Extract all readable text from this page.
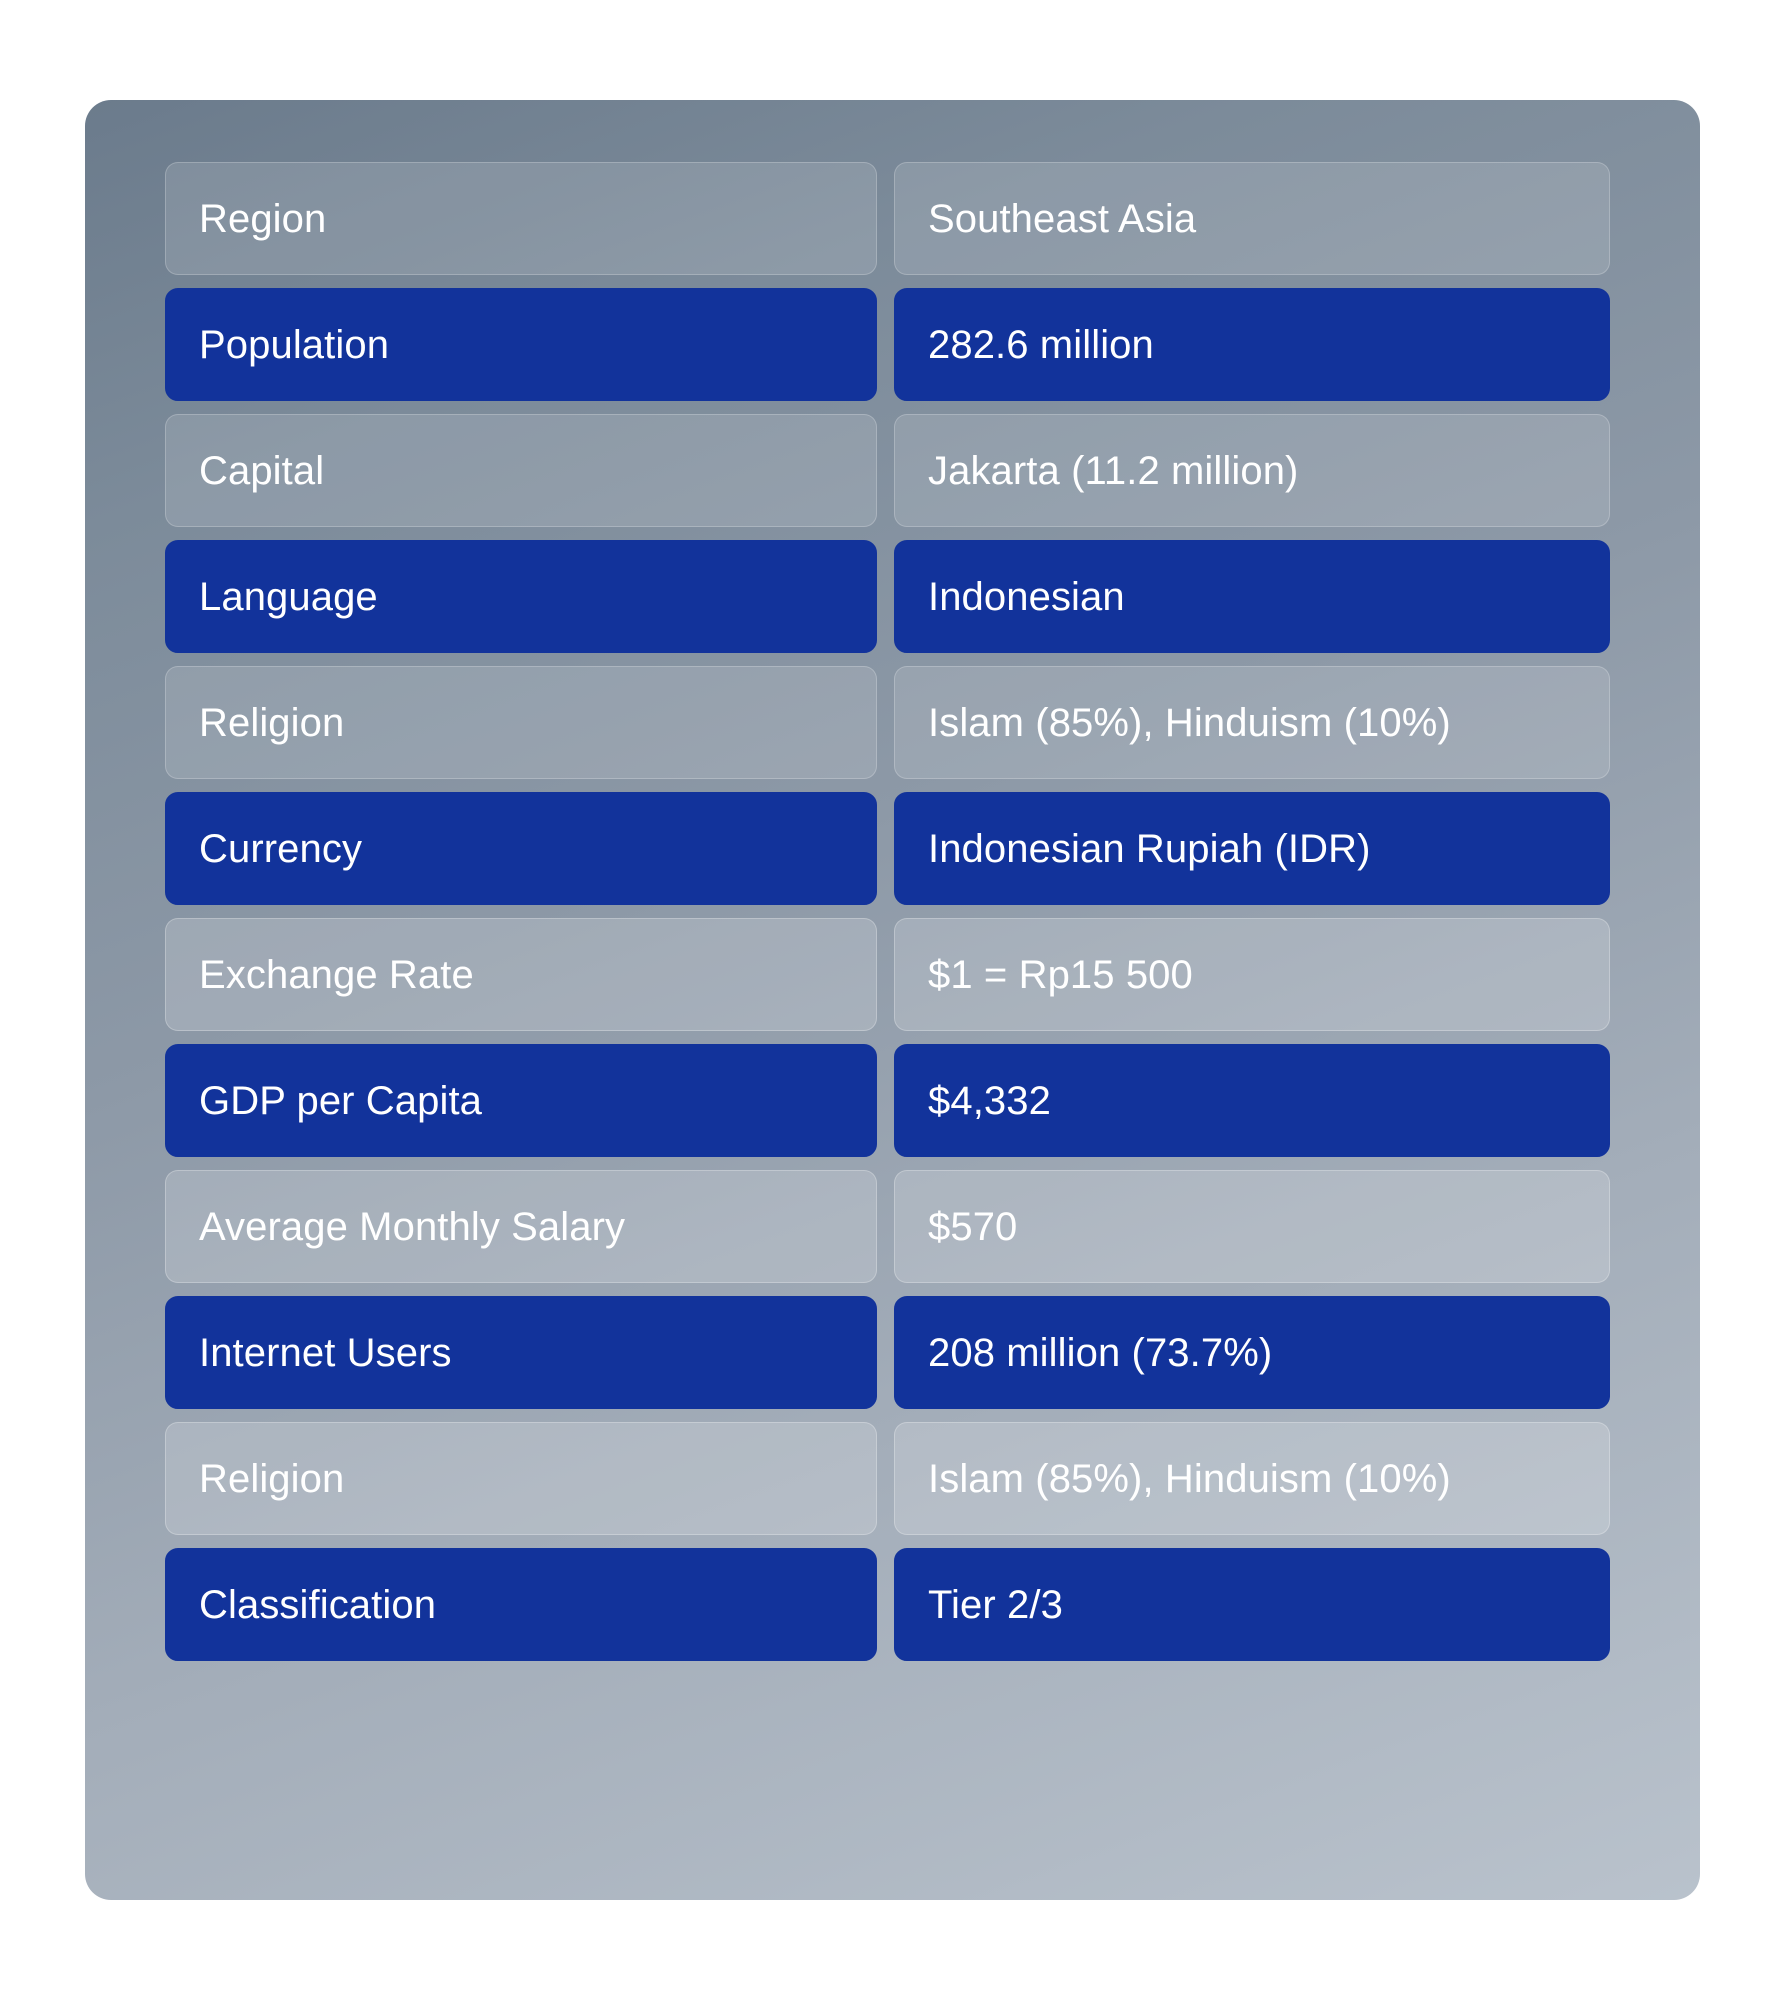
Region	Southeast Asia
Population	282.6 million
Capital	Jakarta (11.2 million)
Language	Indonesian
Religion	Islam (85%), Hinduism (10%)
Currency	Indonesian Rupiah (IDR)
Exchange Rate	$1 = Rp15 500
GDP per Capita	$4,332
Average Monthly Salary	$570
Internet Users	208 million (73.7%)
Religion	Islam (85%), Hinduism (10%)
Classification	Tier 2/3
